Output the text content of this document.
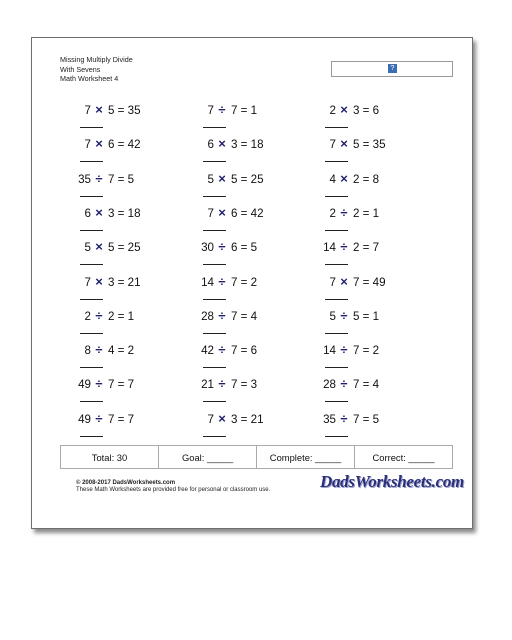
Missing Multiply Divide
With Sevens
Math Worksheet 4
?
7 × 5 = 35	7 ÷ 7 = 1	2 × 3 = 6
7 × 6 = 42	6 × 3 = 18	7 × 5 = 35
35 ÷ 7 = 5	5 × 5 = 25	4 × 2 = 8
6 × 3 = 18	7 × 6 = 42	2 ÷ 2 = 1
5 × 5 = 25	30 ÷ 6 = 5	14 ÷ 2 = 7
7 × 3 = 21	14 ÷ 7 = 2	7 × 7 = 49
2 ÷ 2 = 1	28 ÷ 7 = 4	5 ÷ 5 = 1
8 ÷ 4 = 2	42 ÷ 7 = 6	14 ÷ 7 = 2
49 ÷ 7 = 7	21 ÷ 7 = 3	28 ÷ 7 = 4
49 ÷ 7 = 7	7 × 3 = 21	35 ÷ 7 = 5
Total: 30	Goal: _____	Complete: _____	Correct: _____
© 2008-2017 DadsWorksheets.com
These Math Worksheets are provided free for personal or classroom use.	DadsWorksheets.com
